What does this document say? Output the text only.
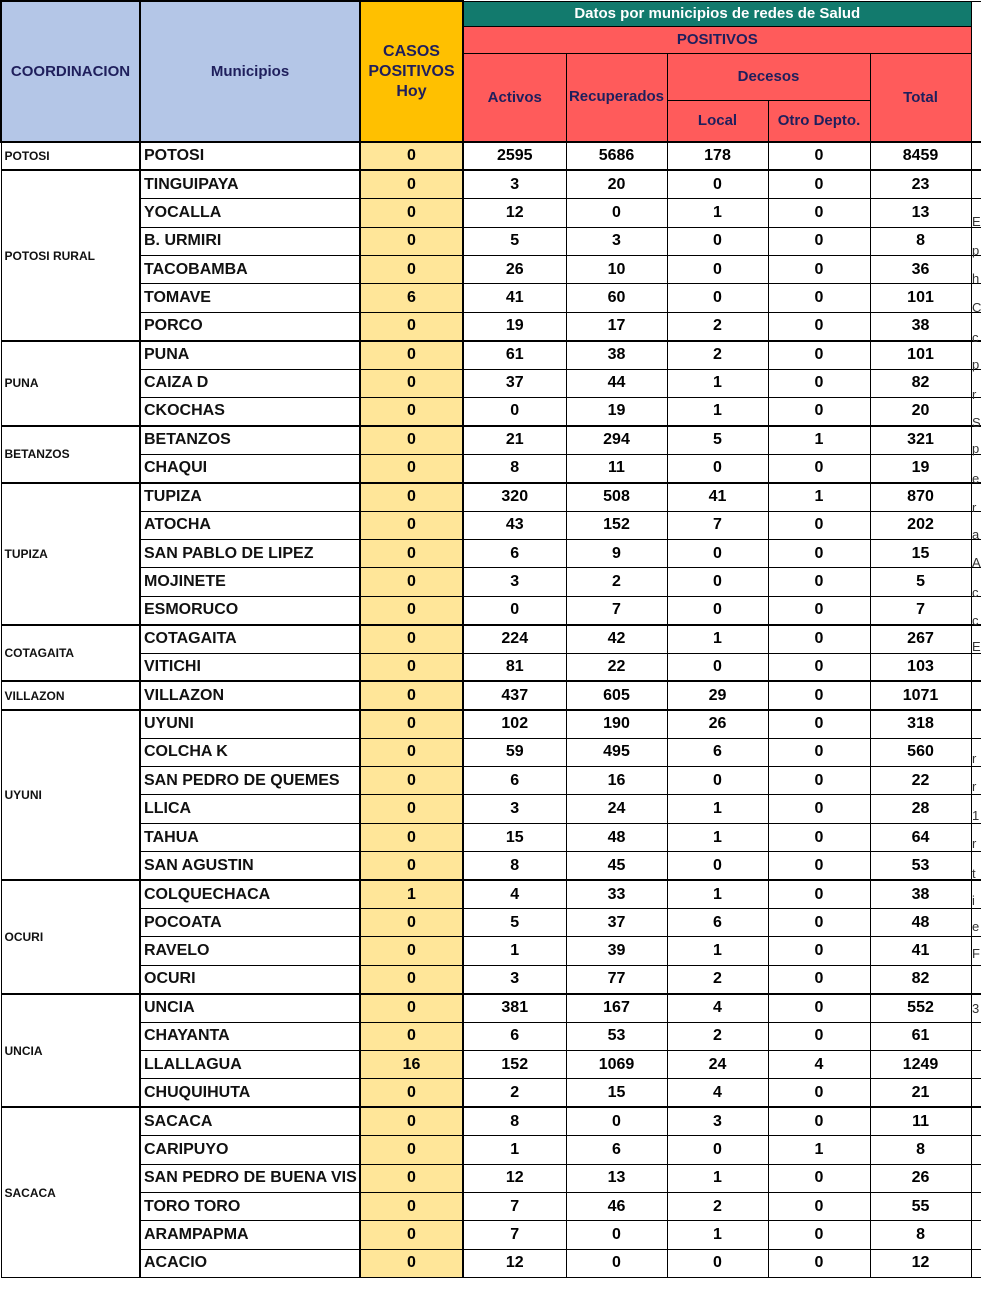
COORDINACION	Municipios	CASOS POSITIVOS Hoy	Datos por municipios de redes de Salud					
			POSITIVOS					
			Activos	Recuperados	Decesos		Total	
					Local	Otro Depto.		
POTOSI	POTOSI	0	2595	5686	178	0	8459	
POTOSI RURAL	TINGUIPAYA	0	3	20	0	0	23	
	YOCALLA	0	12	0	1	0	13	
	B. URMIRI	0	5	3	0	0	8	
	TACOBAMBA	0	26	10	0	0	36	
	TOMAVE	6	41	60	0	0	101	
	PORCO	0	19	17	2	0	38	
PUNA	PUNA	0	61	38	2	0	101	
	CAIZA D	0	37	44	1	0	82	
	CKOCHAS	0	0	19	1	0	20	
BETANZOS	BETANZOS	0	21	294	5	1	321	
	CHAQUI	0	8	11	0	0	19	
TUPIZA	TUPIZA	0	320	508	41	1	870	
	ATOCHA	0	43	152	7	0	202	
	SAN PABLO DE LIPEZ	0	6	9	0	0	15	
	MOJINETE	0	3	2	0	0	5	
	ESMORUCO	0	0	7	0	0	7	
COTAGAITA	COTAGAITA	0	224	42	1	0	267	
	VITICHI	0	81	22	0	0	103	
VILLAZON	VILLAZON	0	437	605	29	0	1071	
UYUNI	UYUNI	0	102	190	26	0	318	
	COLCHA K	0	59	495	6	0	560	
	SAN PEDRO DE QUEMES	0	6	16	0	0	22	
	LLICA	0	3	24	1	0	28	
	TAHUA	0	15	48	1	0	64	
	SAN AGUSTIN	0	8	45	0	0	53	
OCURI	COLQUECHACA	1	4	33	1	0	38	
	POCOATA	0	5	37	6	0	48	
	RAVELO	0	1	39	1	0	41	
	OCURI	0	3	77	2	0	82	
UNCIA	UNCIA	0	381	167	4	0	552	
	CHAYANTA	0	6	53	2	0	61	
	LLALLAGUA	16	152	1069	24	4	1249	
	CHUQUIHUTA	0	2	15	4	0	21	
SACACA	SACACA	0	8	0	3	0	11	
	CARIPUYO	0	1	6	0	1	8	
	SAN PEDRO DE BUENA VIS	0	12	13	1	0	26	
	TORO TORO	0	7	46	2	0	55	
	ARAMPAPMA	0	7	0	1	0	8	
	ACACIO	0	12	0	0	0	12	
E
p
h
C
c
p
r
S
p
e
r
a
A
c
c
E
r
r
1
r
t
i
e
F
3
